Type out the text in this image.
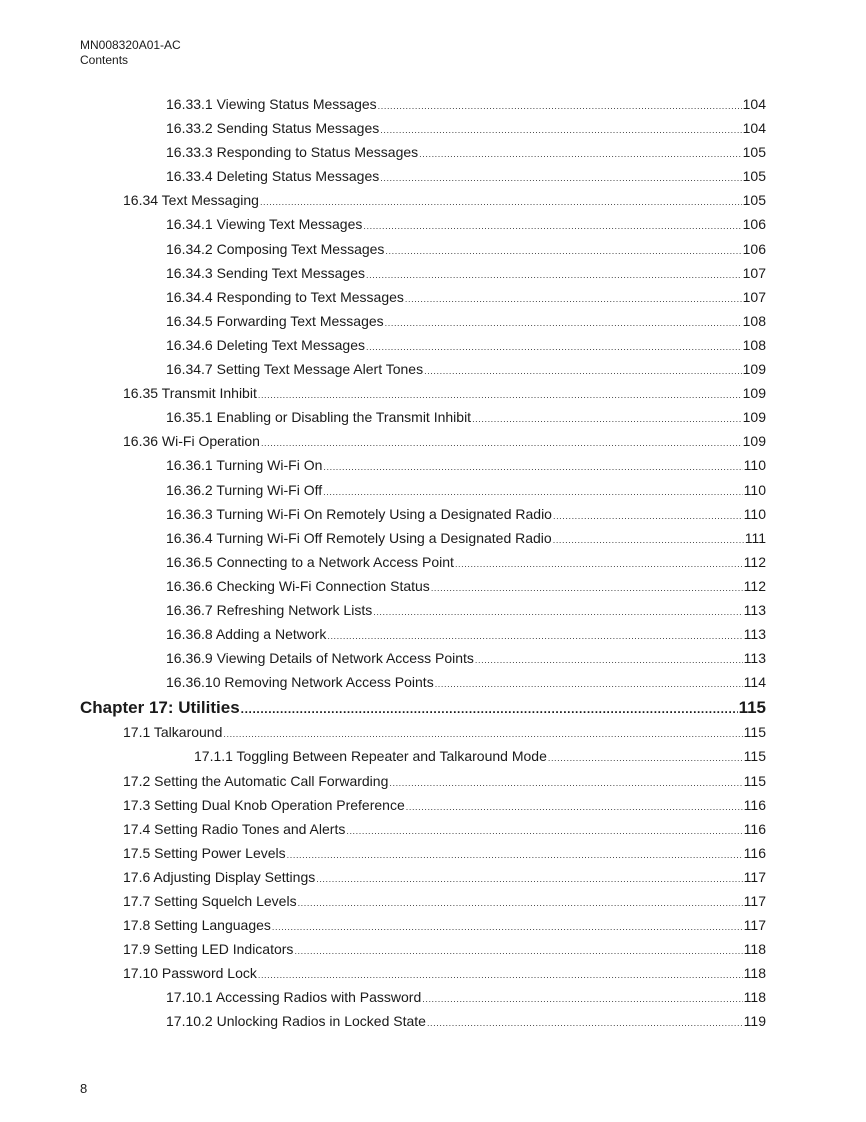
MN008320A01-AC
Contents
16.33.1 Viewing Status Messages .....	104
16.33.2 Sending Status Messages .....	104
16.33.3 Responding to Status Messages .....	105
16.33.4 Deleting Status Messages .....	105
16.34 Text Messaging .....	105
16.34.1 Viewing Text Messages .....	106
16.34.2 Composing Text Messages .....	106
16.34.3 Sending Text Messages .....	107
16.34.4 Responding to Text Messages .....	107
16.34.5 Forwarding Text Messages .....	108
16.34.6 Deleting Text Messages .....	108
16.34.7 Setting Text Message Alert Tones .....	109
16.35 Transmit Inhibit .....	109
16.35.1 Enabling or Disabling the Transmit Inhibit .....	109
16.36 Wi-Fi Operation .....	109
16.36.1 Turning Wi-Fi On .....	110
16.36.2 Turning Wi-Fi Off .....	110
16.36.3 Turning Wi-Fi On Remotely Using a Designated Radio .....	110
16.36.4 Turning Wi-Fi Off Remotely Using a Designated Radio .....	111
16.36.5 Connecting to a Network Access Point .....	112
16.36.6 Checking Wi-Fi Connection Status .....	112
16.36.7 Refreshing Network Lists .....	113
16.36.8 Adding a Network .....	113
16.36.9 Viewing Details of Network Access Points .....	113
16.36.10 Removing Network Access Points .....	114
Chapter 17: Utilities .....	115
17.1 Talkaround .....	115
17.1.1 Toggling Between Repeater and Talkaround Mode .....	115
17.2 Setting the Automatic Call Forwarding .....	115
17.3 Setting Dual Knob Operation Preference .....	116
17.4 Setting Radio Tones and Alerts .....	116
17.5 Setting Power Levels .....	116
17.6 Adjusting Display Settings .....	117
17.7 Setting Squelch Levels .....	117
17.8 Setting Languages .....	117
17.9 Setting LED Indicators .....	118
17.10 Password Lock .....	118
17.10.1 Accessing Radios with Password .....	118
17.10.2 Unlocking Radios in Locked State .....	119
8
